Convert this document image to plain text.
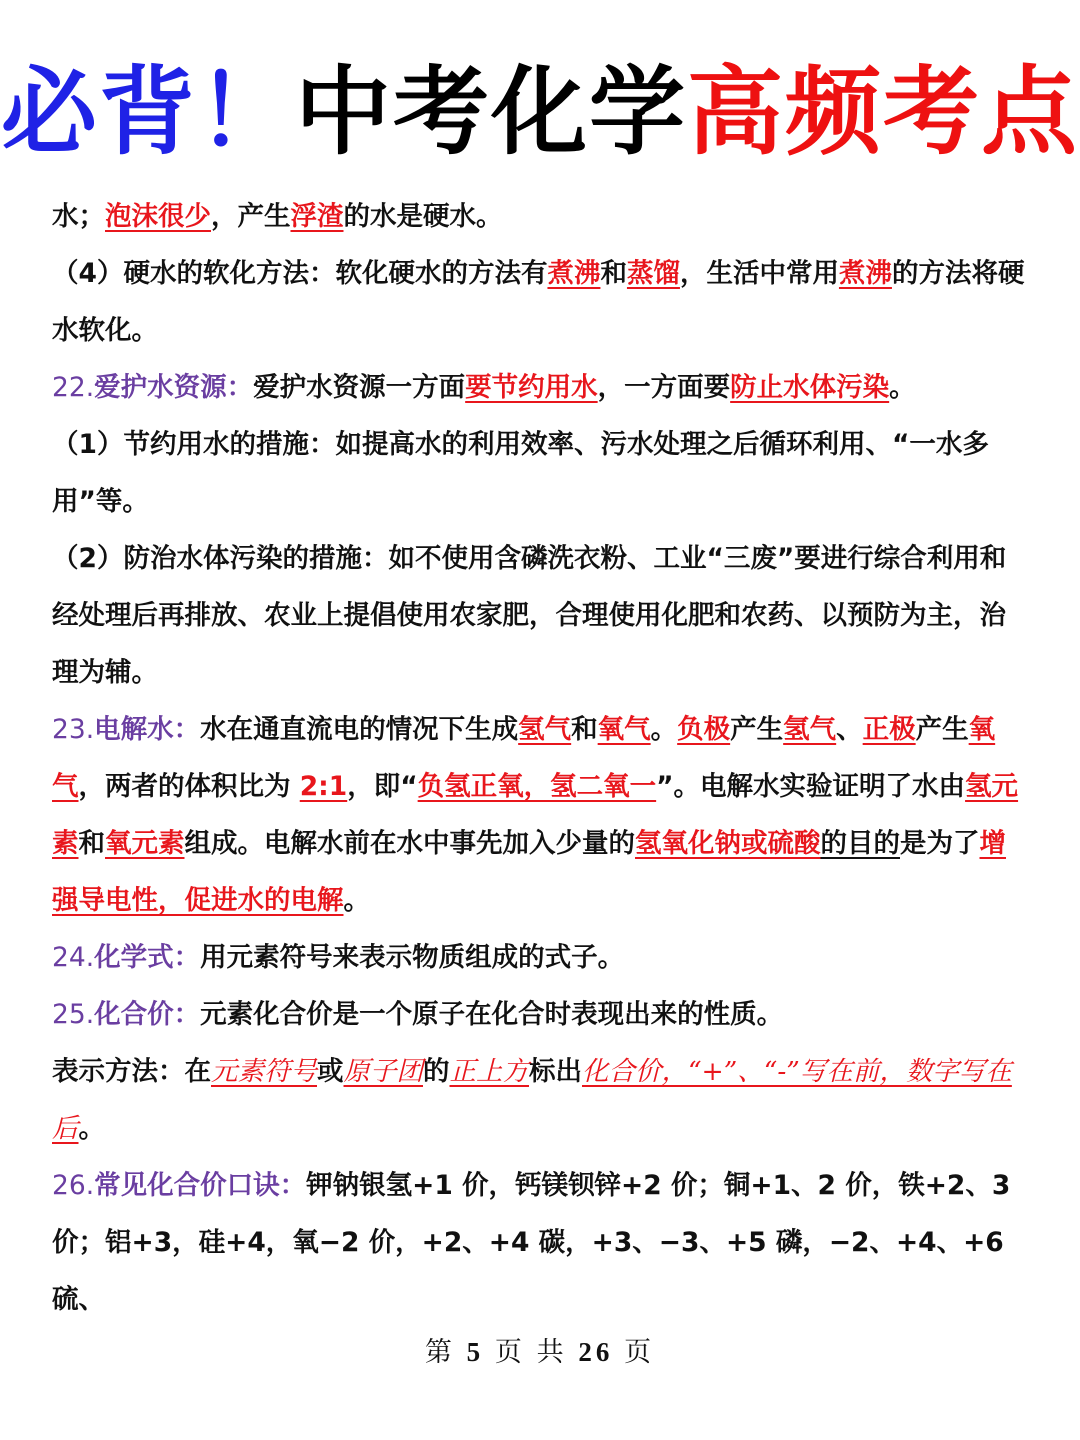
必背！中考化学高频考点

水；泡沫很少，产生浮渣的水是硬水。

（4）硬水的软化方法：软化硬水的方法有煮沸和蒸馏，生活中常用煮沸的方法将硬水软化。

22.爱护水资源：爱护水资源一方面要节约用水，一方面要防止水体污染。

（1）节约用水的措施：如提高水的利用效率、污水处理之后循环利用、“一水多用”等。

（2）防治水体污染的措施：如不使用含磷洗衣粉、工业“三废”要进行综合利用和经处理后再排放、农业上提倡使用农家肥，合理使用化肥和农药、以预防为主，治理为辅。

23.电解水：水在通直流电的情况下生成氢气和氧气。负极产生氢气、正极产生氧气，两者的体积比为 2:1，即“负氢正氧，氢二氧一”。电解水实验证明了水由氢元素和氧元素组成。电解水前在水中事先加入少量的氢氧化钠或硫酸的目的是为了增强导电性，促进水的电解。

24.化学式：用元素符号来表示物质组成的式子。

25.化合价：元素化合价是一个原子在化合时表现出来的性质。

表示方法：在元素符号或原子团的正上方标出化合价，“+”、“-”写在前，数字写在后。

26.常见化合价口诀：钾钠银氢+1 价，钙镁钡锌+2 价；铜+1、2 价，铁+2、3 价；铝+3，硅+4，氧−2 价，+2、+4 碳，+3、−3、+5 磷，−2、+4、+6 硫、

第 5 页 共 26 页
